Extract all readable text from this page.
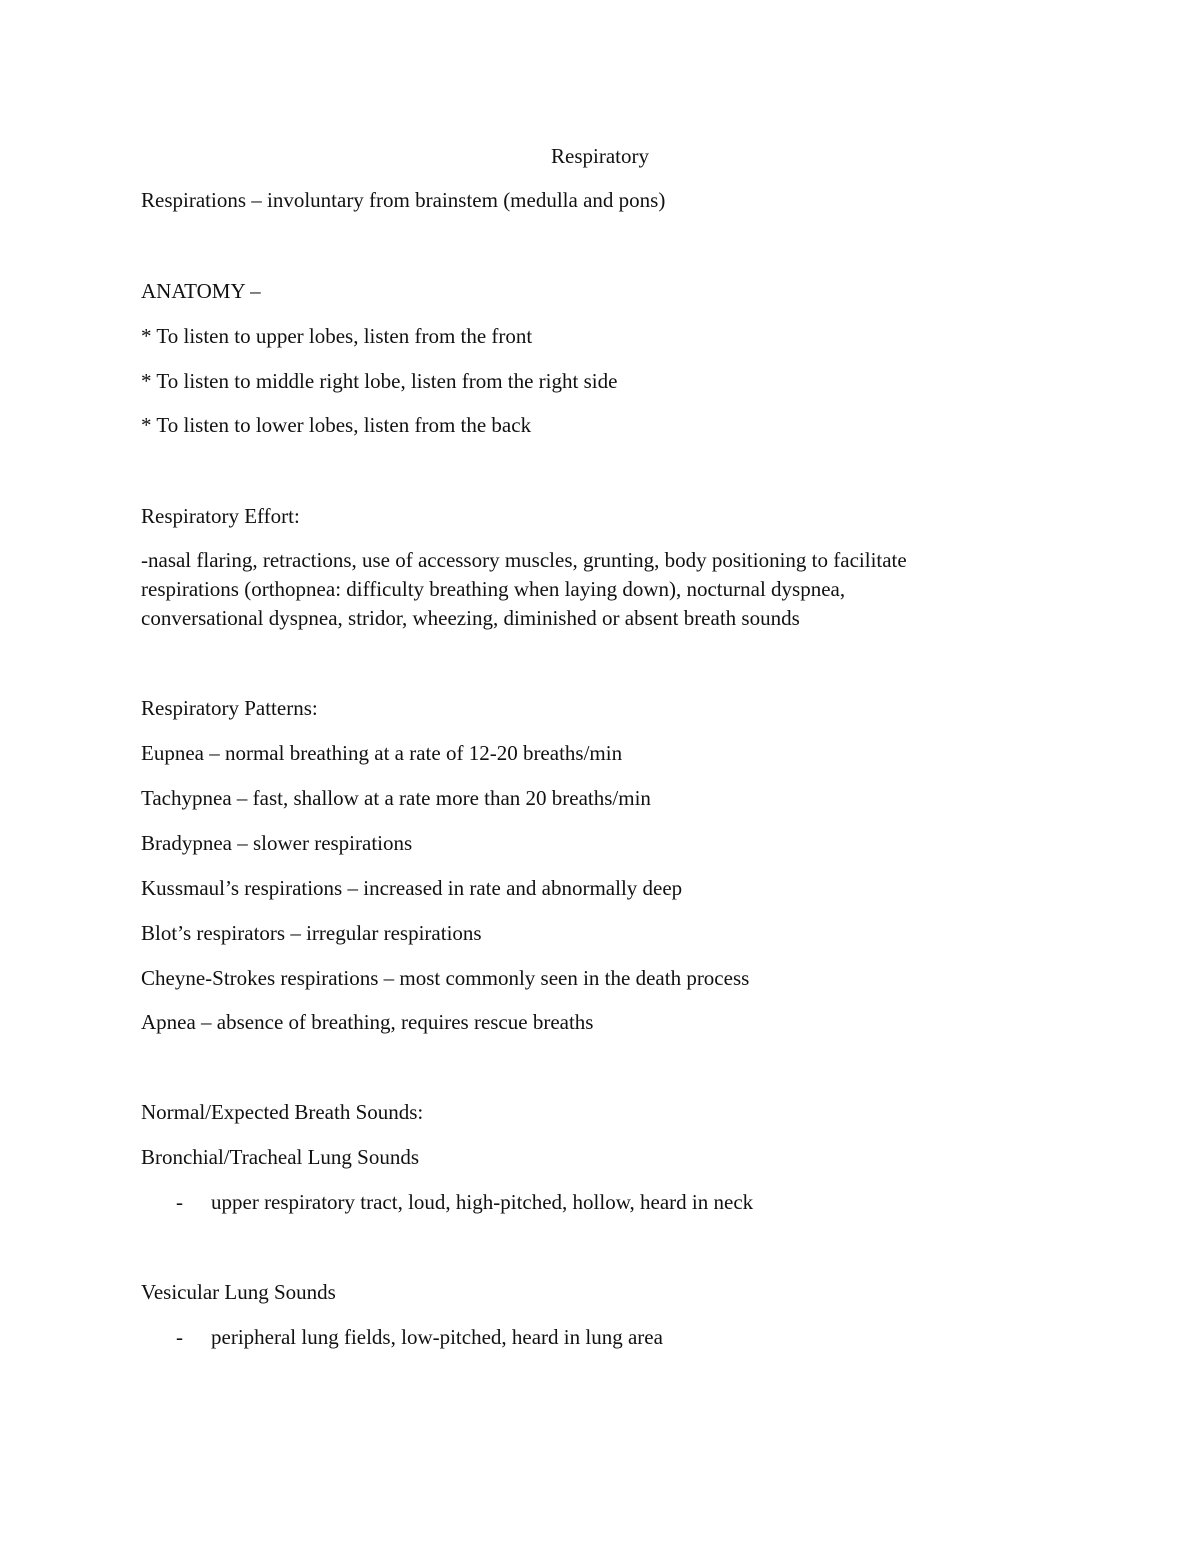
Respiratory

Respirations – involuntary from brainstem (medulla and pons)

ANATOMY –

* To listen to upper lobes, listen from the front

* To listen to middle right lobe, listen from the right side

* To listen to lower lobes, listen from the back

Respiratory Effort:

-nasal flaring, retractions, use of accessory muscles, grunting, body positioning to facilitate
respirations (orthopnea: difficulty breathing when laying down), nocturnal dyspnea,
conversational dyspnea, stridor, wheezing, diminished or absent breath sounds

Respiratory Patterns:

Eupnea – normal breathing at a rate of 12-20 breaths/min

Tachypnea – fast, shallow at a rate more than 20 breaths/min

Bradypnea – slower respirations

Kussmaul’s respirations – increased in rate and abnormally deep

Blot’s respirators – irregular respirations

Cheyne-Strokes respirations – most commonly seen in the death process

Apnea – absence of breathing, requires rescue breaths

Normal/Expected Breath Sounds:

Bronchial/Tracheal Lung Sounds

- upper respiratory tract, loud, high-pitched, hollow, heard in neck

Vesicular Lung Sounds

- peripheral lung fields, low-pitched, heard in lung area
